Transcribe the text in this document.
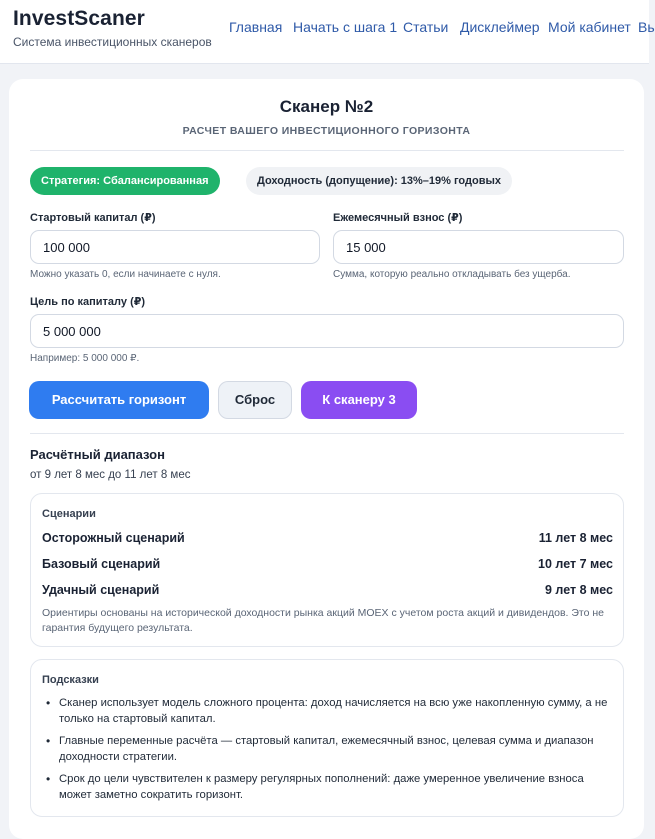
InvestScaner
Система инвестиционных сканеров
Главная Начать с шага 1 Статьи Дисклеймер Мой кабинет Вь
Сканер №2
РАСЧЕТ ВАШЕГО ИНВЕСТИЦИОННОГО ГОРИЗОНТА
Стратегия: Сбалансированная	Доходность (допущение): 13%–19% годовых
Стартовый капитал (₽)
100 000
Можно указать 0, если начинаете с нуля.
Ежемесячный взнос (₽)
15 000
Сумма, которую реально откладывать без ущерба.
Цель по капиталу (₽)
5 000 000
Например: 5 000 000 ₽.
Рассчитать горизонт	Сброс	К сканеру 3
Расчётный диапазон
от 9 лет 8 мес до 11 лет 8 мес
Сценарии
Осторожный сценарий	11 лет 8 мес
Базовый сценарий	10 лет 7 мес
Удачный сценарий	9 лет 8 мес
Ориентиры основаны на исторической доходности рынка акций MOEX с учетом роста акций и дивидендов. Это не гарантия будущего результата.
Подсказки
• Сканер использует модель сложного процента: доход начисляется на всю уже накопленную сумму, а не только на стартовый капитал.
• Главные переменные расчёта — стартовый капитал, ежемесячный взнос, целевая сумма и диапазон доходности стратегии.
• Срок до цели чувствителен к размеру регулярных пополнений: даже умеренное увеличение взноса может заметно сократить горизонт.
